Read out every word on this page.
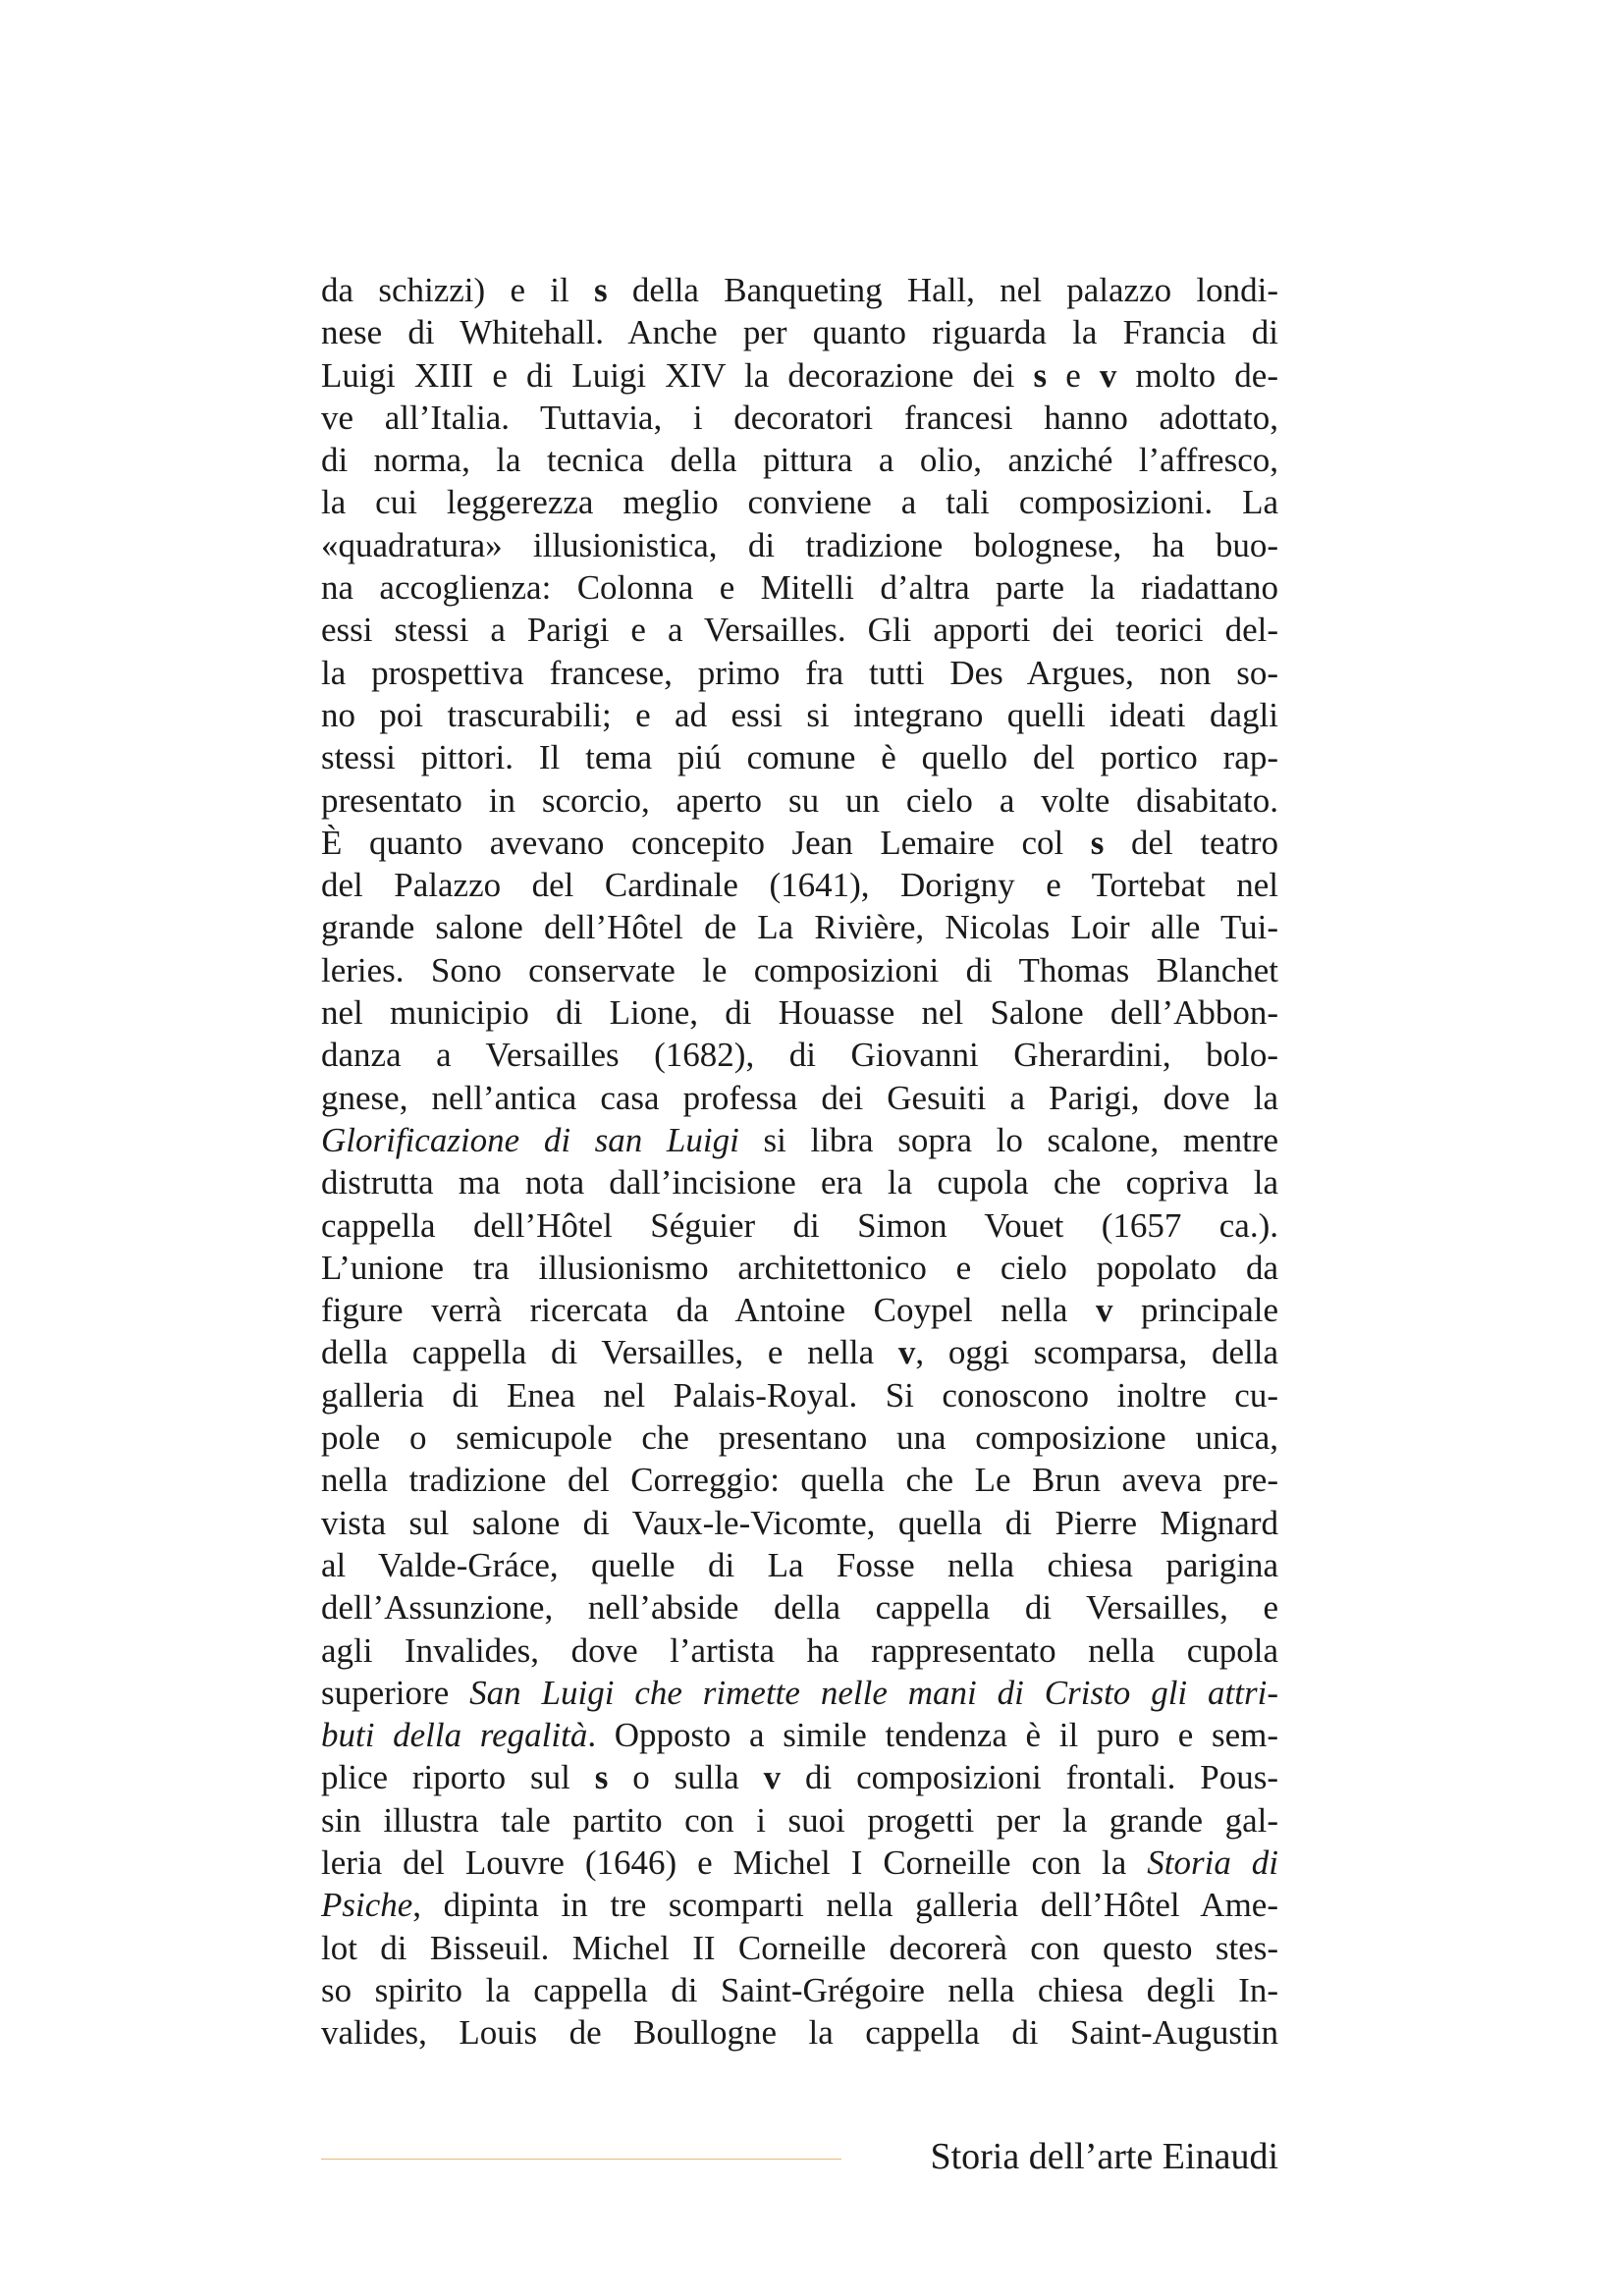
da schizzi) e il s della Banqueting Hall, nel palazzo londi-
nese di Whitehall. Anche per quanto riguarda la Francia di
Luigi XIII e di Luigi XIV la decorazione dei s e v molto de-
ve all’Italia. Tuttavia, i decoratori francesi hanno adottato,
di norma, la tecnica della pittura a olio, anziché l’affresco,
la cui leggerezza meglio conviene a tali composizioni. La
«quadratura» illusionistica, di tradizione bolognese, ha buo-
na accoglienza: Colonna e Mitelli d’altra parte la riadattano
essi stessi a Parigi e a Versailles. Gli apporti dei teorici del-
la prospettiva francese, primo fra tutti Des Argues, non so-
no poi trascurabili; e ad essi si integrano quelli ideati dagli
stessi pittori. Il tema piú comune è quello del portico rap-
presentato in scorcio, aperto su un cielo a volte disabitato.
È quanto avevano concepito Jean Lemaire col s del teatro
del Palazzo del Cardinale (1641), Dorigny e Tortebat nel
grande salone dell’Hôtel de La Rivière, Nicolas Loir alle Tui-
leries. Sono conservate le composizioni di Thomas Blanchet
nel municipio di Lione, di Houasse nel Salone dell’Abbon-
danza a Versailles (1682), di Giovanni Gherardini, bolo-
gnese, nell’antica casa professa dei Gesuiti a Parigi, dove la
Glorificazione di san Luigi si libra sopra lo scalone, mentre
distrutta ma nota dall’incisione era la cupola che copriva la
cappella dell’Hôtel Séguier di Simon Vouet (1657 ca.).
L’unione tra illusionismo architettonico e cielo popolato da
figure verrà ricercata da Antoine Coypel nella v principale
della cappella di Versailles, e nella v, oggi scomparsa, della
galleria di Enea nel Palais-Royal. Si conoscono inoltre cu-
pole o semicupole che presentano una composizione unica,
nella tradizione del Correggio: quella che Le Brun aveva pre-
vista sul salone di Vaux-le-Vicomte, quella di Pierre Mignard
al Valde-Gráce, quelle di La Fosse nella chiesa parigina
dell’Assunzione, nell’abside della cappella di Versailles, e
agli Invalides, dove l’artista ha rappresentato nella cupola
superiore San Luigi che rimette nelle mani di Cristo gli attri-
buti della regalità. Opposto a simile tendenza è il puro e sem-
plice riporto sul s o sulla v di composizioni frontali. Pous-
sin illustra tale partito con i suoi progetti per la grande gal-
leria del Louvre (1646) e Michel I Corneille con la Storia di
Psiche, dipinta in tre scomparti nella galleria dell’Hôtel Ame-
lot di Bisseuil. Michel II Corneille decorerà con questo stes-
so spirito la cappella di Saint-Grégoire nella chiesa degli In-
valides, Louis de Boullogne la cappella di Saint-Augustin
Storia dell’arte Einaudi
